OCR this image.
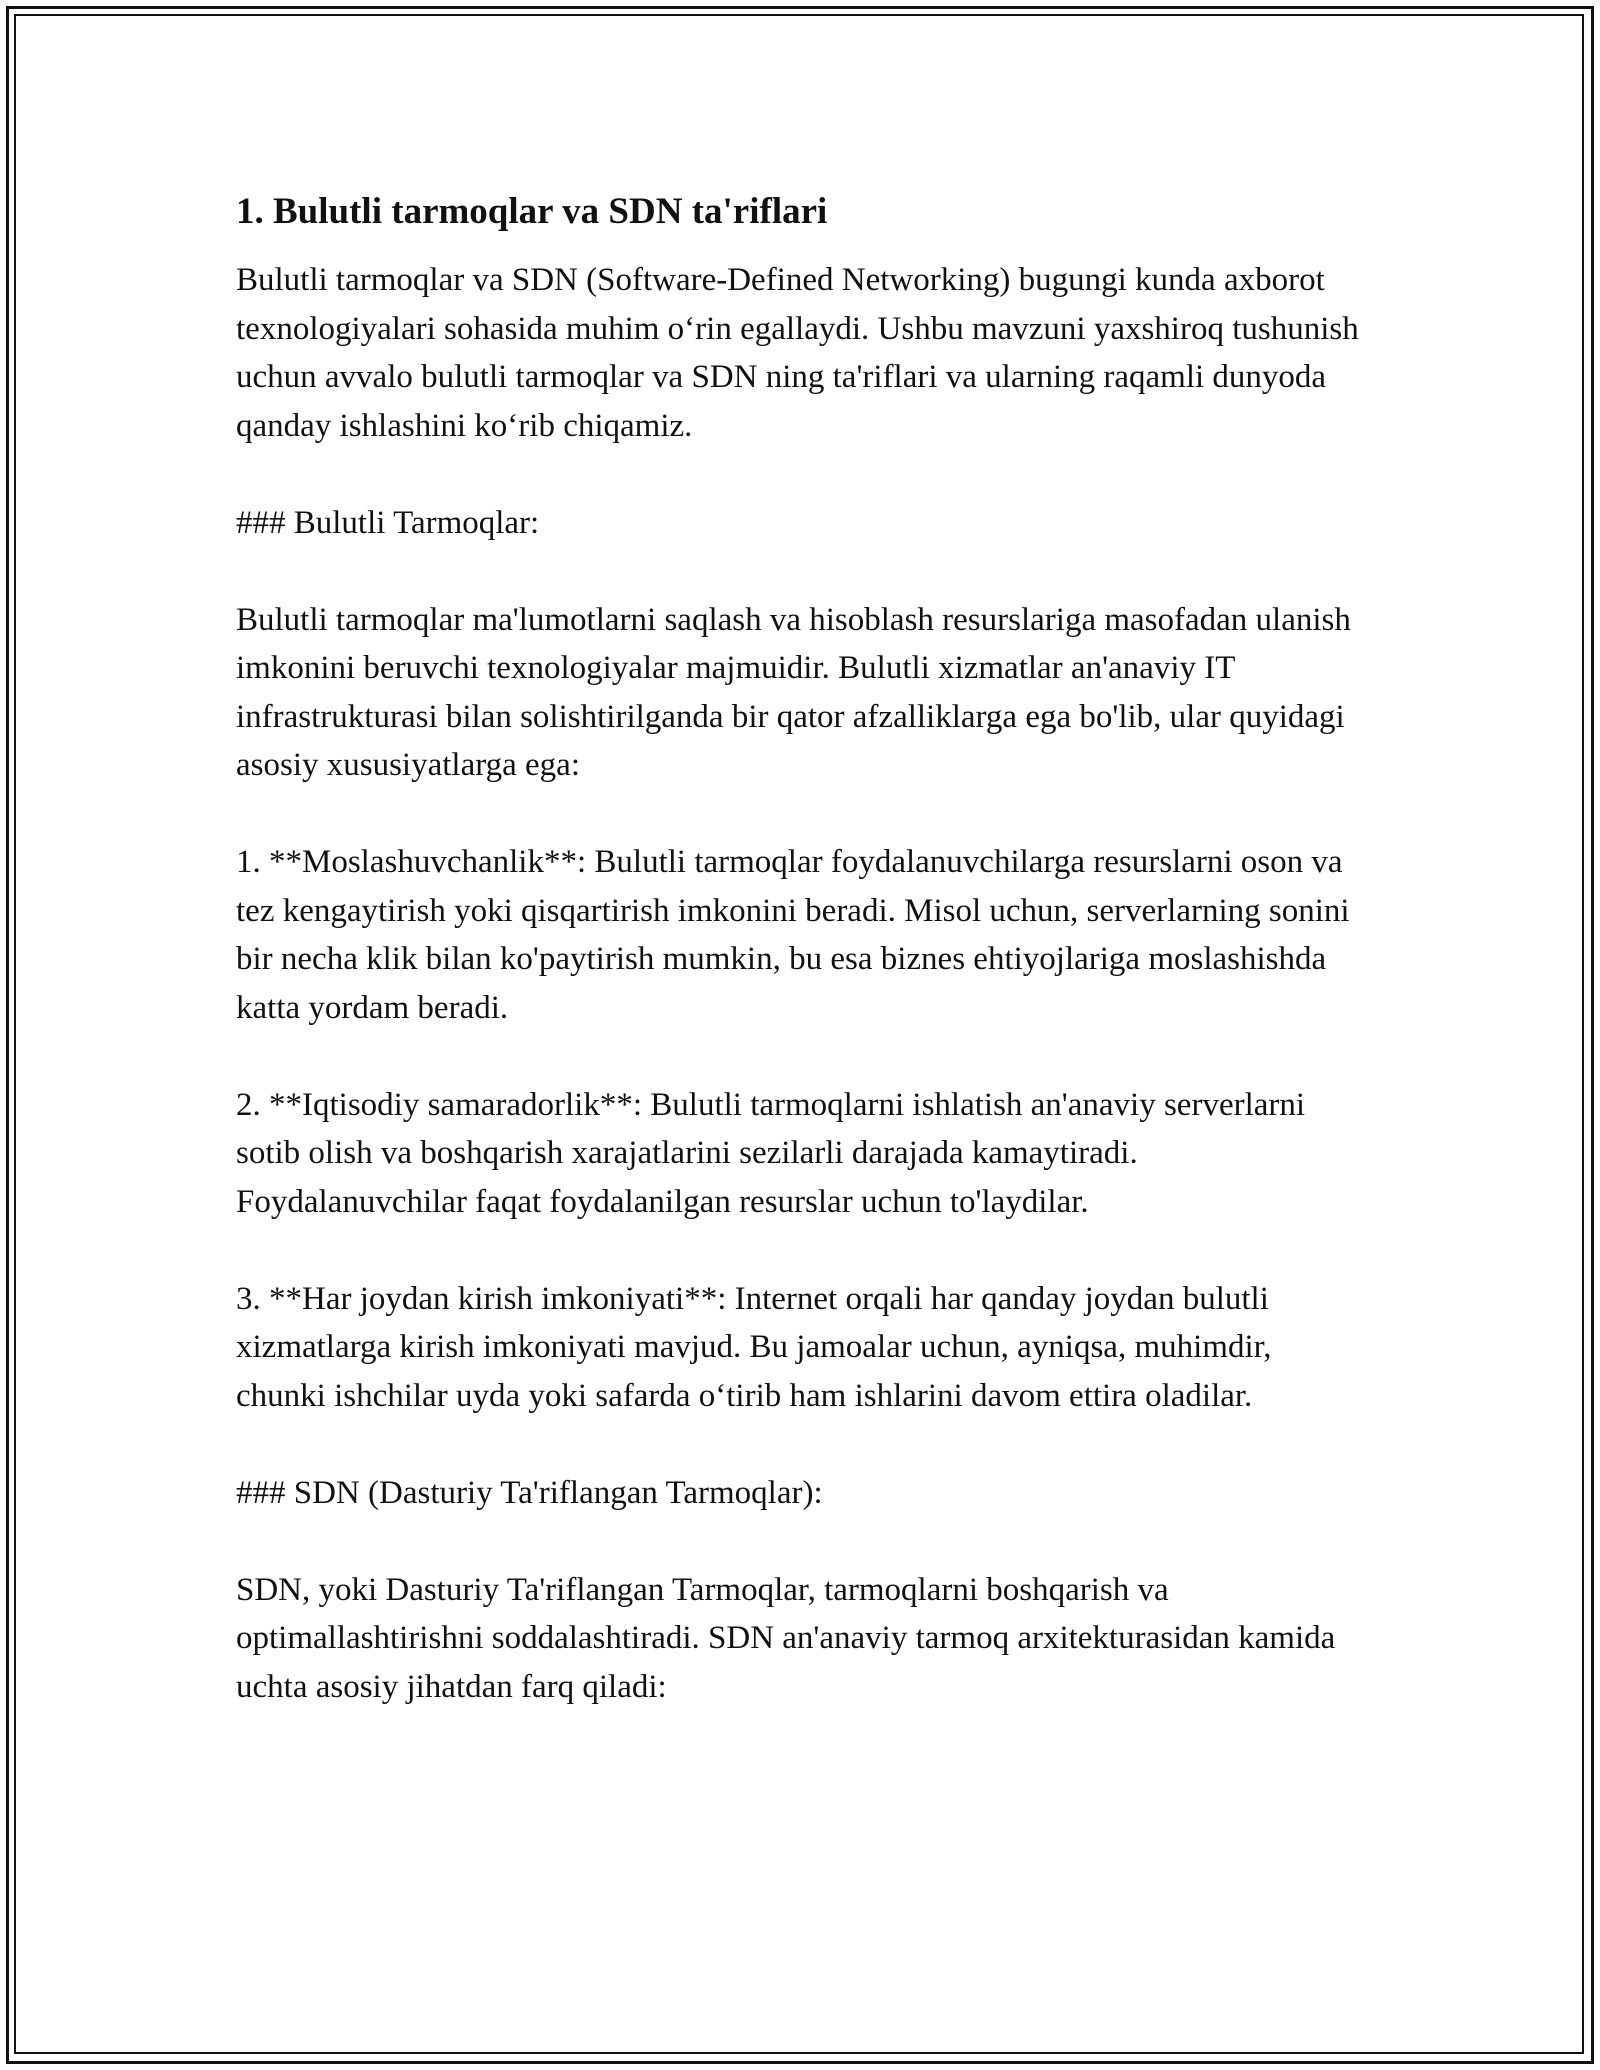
1. Bulutli tarmoqlar va SDN ta'riflari

Bulutli tarmoqlar va SDN (Software-Defined Networking) bugungi kunda axborot texnologiyalari sohasida muhim o‘rin egallaydi. Ushbu mavzuni yaxshiroq tushunish uchun avvalo bulutli tarmoqlar va SDN ning ta'riflari va ularning raqamli dunyoda qanday ishlashini ko‘rib chiqamiz.

### Bulutli Tarmoqlar:

Bulutli tarmoqlar ma'lumotlarni saqlash va hisoblash resurslariga masofadan ulanish imkonini beruvchi texnologiyalar majmuidir. Bulutli xizmatlar an'anaviy IT infrastrukturasi bilan solishtirilganda bir qator afzalliklarga ega bo'lib, ular quyidagi asosiy xususiyatlarga ega:

1. **Moslashuvchanlik**: Bulutli tarmoqlar foydalanuvchilarga resurslarni oson va tez kengaytirish yoki qisqartirish imkonini beradi. Misol uchun, serverlarning sonini bir necha klik bilan ko'paytirish mumkin, bu esa biznes ehtiyojlariga moslashishda katta yordam beradi.

2. **Iqtisodiy samaradorlik**: Bulutli tarmoqlarni ishlatish an'anaviy serverlarni sotib olish va boshqarish xarajatlarini sezilarli darajada kamaytiradi. Foydalanuvchilar faqat foydalanilgan resurslar uchun to'laydilar.

3. **Har joydan kirish imkoniyati**: Internet orqali har qanday joydan bulutli xizmatlarga kirish imkoniyati mavjud. Bu jamoalar uchun, ayniqsa, muhimdir, chunki ishchilar uyda yoki safarda o‘tirib ham ishlarini davom ettira oladilar.

### SDN (Dasturiy Ta'riflangan Tarmoqlar):

SDN, yoki Dasturiy Ta'riflangan Tarmoqlar, tarmoqlarni boshqarish va optimallashtirishni soddalashtiradi. SDN an'anaviy tarmoq arxitekturasidan kamida uchta asosiy jihatdan farq qiladi:
